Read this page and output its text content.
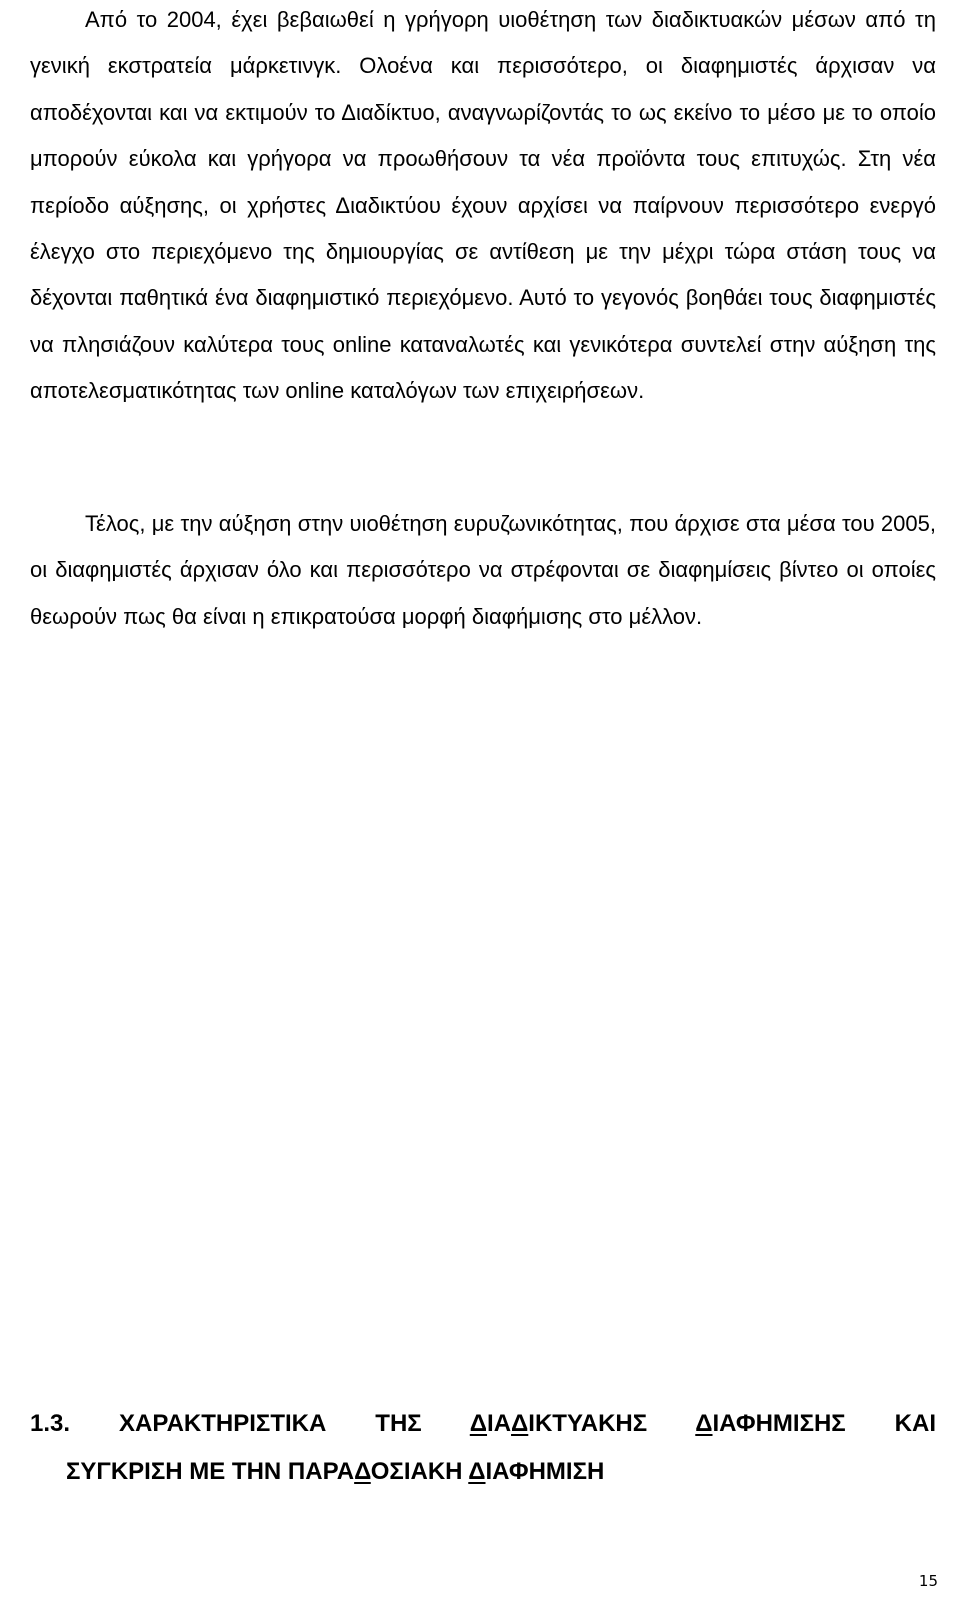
Από το 2004, έχει βεβαιωθεί η γρήγορη υιοθέτηση των διαδικτυακών μέσων από τη γενική εκστρατεία μάρκετινγκ. Ολοένα και περισσότερο, οι διαφημιστές άρχισαν να αποδέχονται και να εκτιμούν το Διαδίκτυο, αναγνωρίζοντάς το ως εκείνο το μέσο με το οποίο μπορούν εύκολα και γρήγορα να προωθήσουν τα νέα προϊόντα τους επιτυχώς. Στη νέα περίοδο αύξησης, οι χρήστες Διαδικτύου έχουν αρχίσει να παίρνουν περισσότερο ενεργό έλεγχο στο περιεχόμενο της δημιουργίας σε αντίθεση με την μέχρι τώρα στάση τους να δέχονται παθητικά ένα διαφημιστικό περιεχόμενο. Αυτό το γεγονός βοηθάει τους διαφημιστές να πλησιάζουν καλύτερα τους online καταναλωτές και γενικότερα συντελεί στην αύξηση της αποτελεσματικότητας των online καταλόγων των επιχειρήσεων.

Τέλος, με την αύξηση στην υιοθέτηση ευρυζωνικότητας, που άρχισε στα μέσα του 2005, οι διαφημιστές άρχισαν όλο και περισσότερο να στρέφονται σε διαφημίσεις βίντεο οι οποίες θεωρούν πως θα είναι η επικρατούσα μορφή διαφήμισης στο μέλλον.

1.3. ΧΑΡΑΚΤΗΡΙΣΤΙΚΑ ΤΗΣ ΔΙΑΔΙΚΤΥΑΚΗΣ ΔΙΑΦΗΜΙΣΗΣ ΚΑΙ
ΣΥΓΚΡΙΣΗ ΜΕ ΤΗΝ ΠΑΡΑΔΟΣΙΑΚΗ ΔΙΑΦΗΜΙΣΗ
15
